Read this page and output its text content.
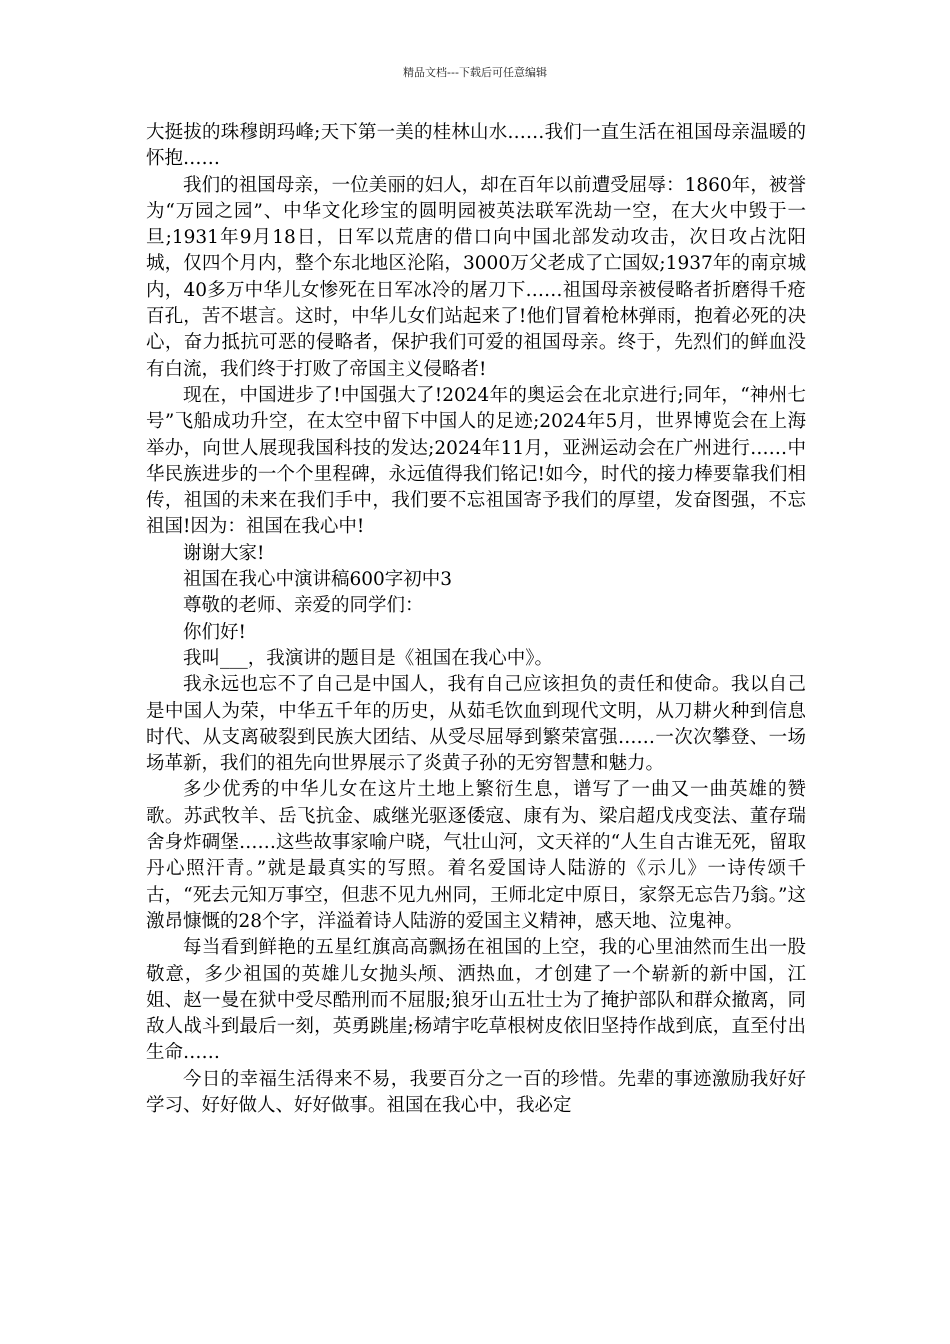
精品文档---下载后可任意编辑

大挺拔的珠穆朗玛峰;天下第一美的桂林山水……我们一直生活在祖国母亲温暖的怀抱……

我们的祖国母亲，一位美丽的妇人，却在百年以前遭受屈辱：1860年，被誉为“万园之园”、中华文化珍宝的圆明园被英法联军洗劫一空，在大火中毁于一旦;1931年9月18日，日军以荒唐的借口向中国北部发动攻击，次日攻占沈阳城，仅四个月内，整个东北地区沦陷，3000万父老成了亡国奴;1937年的南京城内，40多万中华儿女惨死在日军冰冷的屠刀下……祖国母亲被侵略者折磨得千疮百孔，苦不堪言。这时，中华儿女们站起来了!他们冒着枪林弹雨，抱着必死的决心，奋力抵抗可恶的侵略者，保护我们可爱的祖国母亲。终于，先烈们的鲜血没有白流，我们终于打败了帝国主义侵略者!

现在，中国进步了!中国强大了!2024年的奥运会在北京进行;同年，“神州七号”飞船成功升空，在太空中留下中国人的足迹;2024年5月，世界博览会在上海举办，向世人展现我国科技的发达;2024年11月，亚洲运动会在广州进行……中华民族进步的一个个里程碑，永远值得我们铭记!如今，时代的接力棒要靠我们相传，祖国的未来在我们手中，我们要不忘祖国寄予我们的厚望，发奋图强，不忘祖国!因为：祖国在我心中!

谢谢大家!

祖国在我心中演讲稿600字初中3

尊敬的老师、亲爱的同学们：

你们好!

我叫___，我演讲的题目是《祖国在我心中》。

我永远也忘不了自己是中国人，我有自己应该担负的责任和使命。我以自己是中国人为荣，中华五千年的历史，从茹毛饮血到现代文明，从刀耕火种到信息时代、从支离破裂到民族大团结、从受尽屈辱到繁荣富强……一次次攀登、一场场革新，我们的祖先向世界展示了炎黄子孙的无穷智慧和魅力。

多少优秀的中华儿女在这片土地上繁衍生息，谱写了一曲又一曲英雄的赞歌。苏武牧羊、岳飞抗金、戚继光驱逐倭寇、康有为、梁启超戊戌变法、董存瑞舍身炸碉堡……这些故事家喻户晓，气壮山河，文天祥的“人生自古谁无死，留取丹心照汗青。”就是最真实的写照。着名爱国诗人陆游的《示儿》一诗传颂千古，“死去元知万事空，但悲不见九州同，王师北定中原日，家祭无忘告乃翁。”这激昂慷慨的28个字，洋溢着诗人陆游的爱国主义精神，感天地、泣鬼神。

每当看到鲜艳的五星红旗高高飘扬在祖国的上空，我的心里油然而生出一股敬意，多少祖国的英雄儿女抛头颅、洒热血，才创建了一个崭新的新中国，江姐、赵一曼在狱中受尽酷刑而不屈服;狼牙山五壮士为了掩护部队和群众撤离，同敌人战斗到最后一刻，英勇跳崖;杨靖宇吃草根树皮依旧坚持作战到底，直至付出生命……

今日的幸福生活得来不易，我要百分之一百的珍惜。先辈的事迹激励我好好学习、好好做人、好好做事。祖国在我心中，我必定
